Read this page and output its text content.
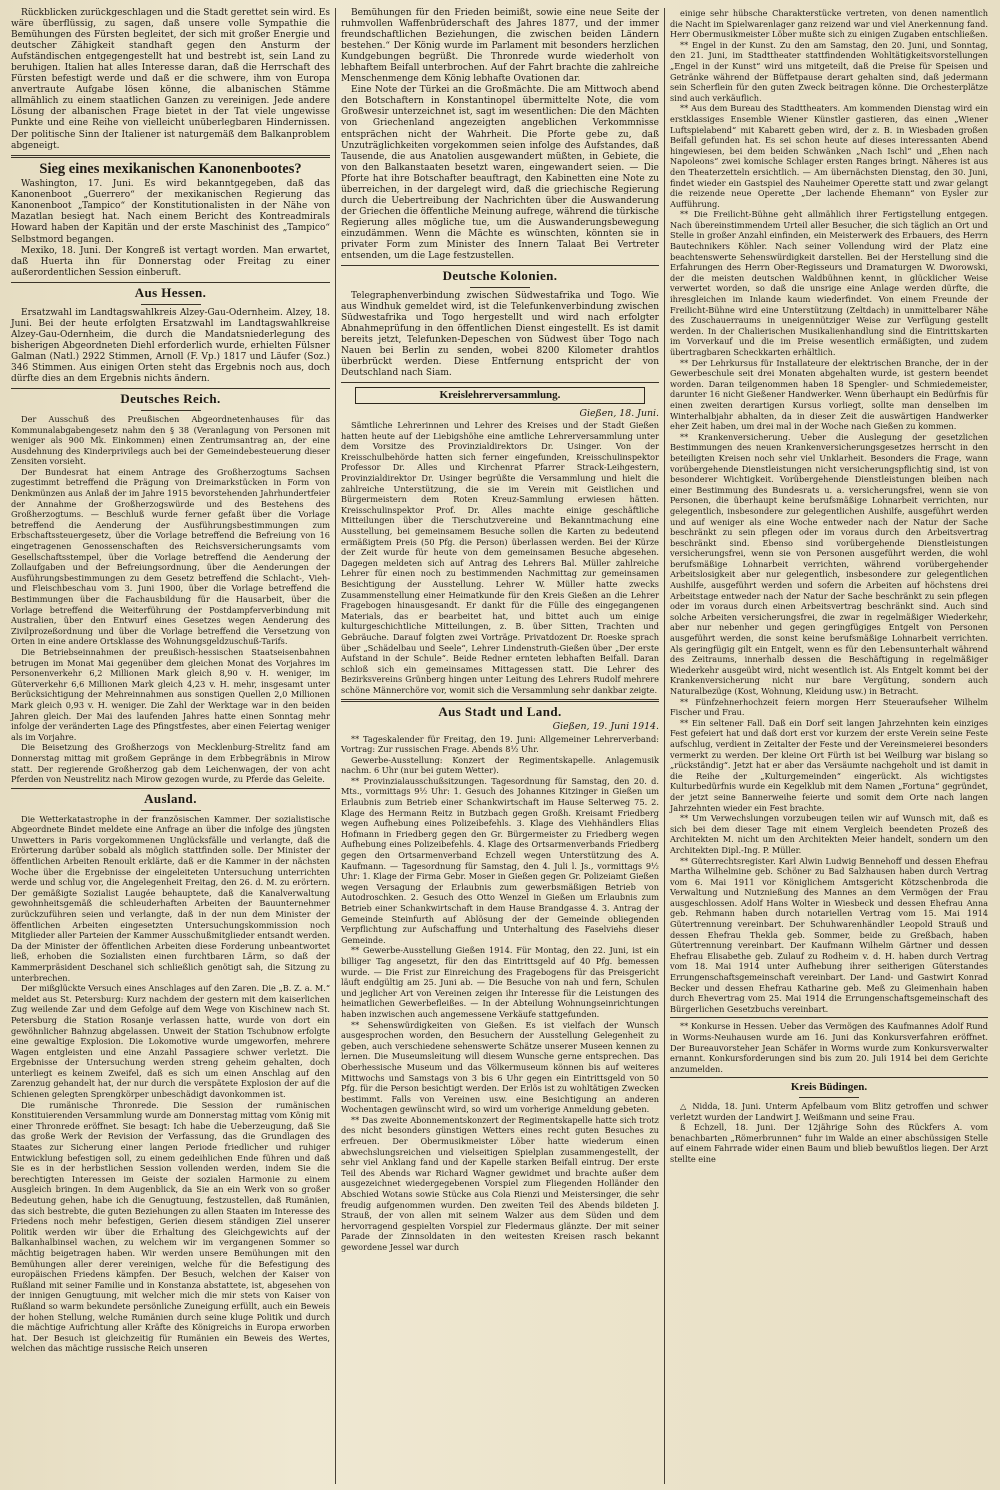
Rückblicken zurückgeschlagen und die Stadt gerettet sein wird. Es wäre überflüssig, zu sagen, daß unsere volle Sympathie die Bemühungen des Fürsten begleitet, der sich mit großer Energie und deutscher Zähigkeit standhaft gegen den Ansturm der Aufständischen entgegengestellt hat und bestrebt ist, sein Land zu beruhigen. Italien hat alles Interesse daran, daß die Herrschaft des Fürsten befestigt werde und daß er die schwere, ihm von Europa anvertraute Aufgabe lösen könne, die albanischen Stämme allmählich zu einem staatlichen Ganzen zu vereinigen. Jede andere Lösung der albanischen Frage bietet in der Tat viele ungewisse Punkte und eine Reihe von vielleicht unüberlegbaren Hindernissen. Der politische Sinn der Italiener ist naturgemäß dem Balkanproblem abgeneigt.

Sieg eines mexikanischen Kanonenbootes?

Washington, 17. Juni. Es wird bekanntgegeben, daß das Kanonenboot „Guerrero“ der mexikanischen Regierung das Kanonenboot „Tampico“ der Konstitutionalisten in der Nähe von Mazatlan besiegt hat. Nach einem Bericht des Kontreadmirals Howard haben der Kapitän und der erste Maschinist des „Tampico“ Selbstmord begangen.

Mexiko, 18. Juni. Der Kongreß ist vertagt worden. Man erwartet, daß Huerta ihn für Donnerstag oder Freitag zu einer außerordentlichen Session einberuft.

Aus Hessen.

Ersatzwahl im Landtagswahlkreis Alzey-Gau-Odernheim. Alzey, 18. Juni. Bei der heute erfolgten Ersatzwahl im Landtagswahlkreise Alzey-Gau-Odernheim, die durch die Mandatsniederlegung des bisherigen Abgeordneten Diehl erforderlich wurde, erhielten Fülsner Galman (Natl.) 2922 Stimmen, Arnoll (F. Vp.) 1817 und Läufer (Soz.) 346 Stimmen. Aus einigen Orten steht das Ergebnis noch aus, doch dürfte dies an dem Ergebnis nichts ändern.

Deutsches Reich.

Der Ausschuß des Preußischen Abgeordnetenhauses für das Kommunalabgabengesetz nahm den § 38 (Veranlagung von Personen mit weniger als 900 Mk. Einkommen) einen Zentrumsantrag an, der eine Ausdehnung des Kinderprivilegs auch bei der Gemeindebesteuerung dieser Zensiten vorsieht.

Der Bundesrat hat einem Antrage des Großherzogtums Sachsen zugestimmt betreffend die Prägung von Dreimarkstücken in Form von Denkmünzen aus Anlaß der im Jahre 1915 bevorstehenden Jahrhundertfeier der Annahme der Großherzogswürde und des Bestehens des Großherzogtums. — Beschluß wurde ferner gefaßt über die Vorlage betreffend die Aenderung der Ausführungsbestimmungen zum Erbschaftssteuergesetz, über die Vorlage betreffend die Befreiung von 16 eingetragenen Genossenschaften des Reichsversicherungsamts vom Gesellschaftsstempel, über die Vorlage betreffend die Aenderung der Zollaufgaben und der Befreiungsordnung, über die Aenderungen der Ausführungsbestimmungen zu dem Gesetz betreffend die Schlacht-, Vieh- und Fleischbeschau vom 3. Juni 1900, über die Vorlage betreffend die Bestimmungen über die Fachausbildung für die Hausarbeit, über die Vorlage betreffend die Weiterführung der Postdampferverbindung mit Australien, über den Entwurf eines Gesetzes wegen Aenderung des Zivilprozeßordnung und über die Vorlage betreffend die Versetzung von Orten in eine andere Ortsklasse des Wohnungsgeldzuschuß-Tarifs.

Die Betriebseinnahmen der preußisch-hessischen Staatseisenbahnen betrugen im Monat Mai gegenüber dem gleichen Monat des Vorjahres im Personenverkehr 6,2 Millionen Mark gleich 8,90 v. H. weniger, im Güterverkehr 6,6 Millionen Mark gleich 4,23 v. H. mehr, insgesamt unter Berücksichtigung der Mehreinnahmen aus sonstigen Quellen 2,0 Millionen Mark gleich 0,93 v. H. weniger. Die Zahl der Werktage war in den beiden Jahren gleich. Der Mai des laufenden Jahres hatte einen Sonntag mehr infolge der veränderten Lage des Pfingstfestes, aber einen Feiertag weniger als im Vorjahre.

Die Beisetzung des Großherzogs von Mecklenburg-Strelitz fand am Donnerstag mittag mit großem Gepränge in dem Erbbegräbnis in Mirow statt. Der regierende Großherzog gab dem Leichenwagen, der von acht Pferden von Neustrelitz nach Mirow gezogen wurde, zu Pferde das Geleite.

Ausland.

Die Wetterkatastrophe in der französischen Kammer. Der sozialistische Abgeordnete Bindet meldete eine Anfrage an über die infolge des jüngsten Unwetters in Paris vorgekommenen Unglücksfälle und verlangte, daß die Erörterung darüber sobald als möglich stattfinden solle. Der Minister der öffentlichen Arbeiten Renoult erklärte, daß er die Kammer in der nächsten Woche über die Ergebnisse der eingeleiteten Untersuchung unterrichten werde und schlug vor, die Angelegenheit Freitag, den 26. d. M. zu erörtern. Der gemäßigte Sozialist Laugée behauptete, daß die Kanalverwaltung gewohnheitsgemäß die schleuderhaften Arbeiten der Bauunternehmer zurückzuführen seien und verlangte, daß in der nun dem Minister der öffentlichen Arbeiten eingesetzten Untersuchungskommission noch Mitglieder aller Parteien der Kammer Ausschußmitglieder entsandt werden. Da der Minister der öffentlichen Arbeiten diese Forderung unbeantwortet ließ, erhoben die Sozialisten einen furchtbaren Lärm, so daß der Kammerpräsident Deschanel sich schließlich genötigt sah, die Sitzung zu unterbrechen.

Der mißglückte Versuch eines Anschlages auf den Zaren. Die „B. Z. a. M.“ meldet aus St. Petersburg: Kurz nachdem der gestern mit dem kaiserlichen Zug weilende Zar und dem Gefolge auf dem Wege von Kischinew nach St. Petersburg die Station Rosanje verlassen hatte, wurde von dort ein gewöhnlicher Bahnzug abgelassen. Unweit der Station Tschubnow erfolgte eine gewaltige Explosion. Die Lokomotive wurde umgeworfen, mehrere Wagen entgleisten und eine Anzahl Passagiere schwer verletzt. Die Ergebnisse der Untersuchung werden streng geheim gehalten, doch unterliegt es keinem Zweifel, daß es sich um einen Anschlag auf den Zarenzug gehandelt hat, der nur durch die verspätete Explosion der auf die Schienen gelegten Sprengkörper unbeschädigt davonkommen ist.

Die rumänische Thronrede. Die Session der rumänischen Konstituierenden Versammlung wurde am Donnerstag mittag vom König mit einer Thronrede eröffnet. Sie besagt: Ich habe die Ueberzeugung, daß Sie das große Werk der Revision der Verfassung, das die Grundlagen des Staates zur Sicherung einer langen Periode friedlicher und ruhiger Entwicklung befestigen soll, zu einem gedeihlichen Ende führen und daß Sie es in der herbstlichen Session vollenden werden, indem Sie die berechtigten Interessen im Geiste der sozialen Harmonie zu einem Ausgleich bringen. In dem Augenblick, da Sie an ein Werk von so großer Bedeutung gehen, habe ich die Genugtuung, festzustellen, daß Rumänien, das sich bestrebte, die guten Beziehungen zu allen Staaten im Interesse des Friedens noch mehr befestigen, Gerien diesem ständigen Ziel unserer Politik werden wir über die Erhaltung des Gleichgewichts auf der Balkanhalbinsel wachen, zu welchem wir im vergangenen Sommer so mächtig beigetragen haben. Wir werden unsere Bemühungen mit den Bemühungen aller derer vereinigen, welche für die Befestigung des europäischen Friedens kämpfen. Der Besuch, welchen der Kaiser von Rußland mit seiner Familie und in Konstanza abstattete, ist, abgesehen von der innigen Genugtuung, mit welcher mich die mir stets von Kaiser von Rußland so warm bekundete persönliche Zuneigung erfüllt, auch ein Beweis der hohen Stellung, welche Rumänien durch seine kluge Politik und durch die mächtige Aufrichtung aller Kräfte des Königreichs in Europa erworben hat. Der Besuch ist gleichzeitig für Rumänien ein Beweis des Wertes, welchen das mächtige russische Reich unseren

Bemühungen für den Frieden beimißt, sowie eine neue Seite der ruhmvollen Waffenbrüderschaft des Jahres 1877, und der immer freundschaftlichen Beziehungen, die zwischen beiden Ländern bestehen.“ Der König wurde im Parlament mit besonders herzlichen Kundgebungen begrüßt. Die Thronrede wurde wiederholt von lebhaftem Beifall unterbrochen. Auf der Fahrt brachte die zahlreiche Menschenmenge dem König lebhafte Ovationen dar.

Eine Note der Türkei an die Großmächte. Die am Mittwoch abend den Botschaftern in Konstantinopel übermittelte Note, die vom Großwesir unterzeichnet ist, sagt im wesentlichen: Die den Mächten von Griechenland angezeigten angeblichen Verkommnisse entsprächen nicht der Wahrheit. Die Pforte gebe zu, daß Unzuträglichkeiten vorgekommen seien infolge des Aufstandes, daß Tausende, die aus Anatolien ausgewandert müßten, in Gebiete, die von den Balkanstaaten besetzt waren, eingewandert seien. — Die Pforte hat ihre Botschafter beauftragt, den Kabinetten eine Note zu überreichen, in der dargelegt wird, daß die griechische Regierung durch die Uebertreibung der Nachrichten über die Auswanderung der Griechen die öffentliche Meinung aufrege, während die türkische Regierung alles mögliche tue, um die Auswanderungsbewegung einzudämmen. Wenn die Mächte es wünschten, könnten sie in privater Form zum Minister des Innern Talaat Bei Vertreter entsenden, um die Lage festzustellen.

Deutsche Kolonien.

Telegraphenverbindung zwischen Südwestafrika und Togo. Wie aus Windhuk gemeldet wird, ist die Telefunkenverbindung zwischen Südwestafrika und Togo hergestellt und wird nach erfolgter Abnahmeprüfung in den öffentlichen Dienst eingestellt. Es ist damit bereits jetzt, Telefunken-Depeschen von Südwest über Togo nach Nauen bei Berlin zu senden, wobei 8200 Kilometer drahtlos überbrückt werden. Diese Entfernung entspricht der von Deutschland nach Siam.

Kreislehrerversammlung.
Gießen, 18. Juni.

Sämtliche Lehrerinnen und Lehrer des Kreises und der Stadt Gießen hatten heute auf der Liebigshöhe eine amtliche Lehrerversammlung unter dem Vorsitze des Provinzialdirektors Dr. Usinger. Von der Kreisschulbehörde hatten sich ferner eingefunden, Kreisschulinspektor Professor Dr. Alles und Kirchenrat Pfarrer Strack-Leihgestern, Provinzialdirektor Dr. Usinger begrüßte die Versammlung und hielt die zahlreiche Unterstützung, die sie im Verein mit Geistlichen und Bürgermeistern dem Roten Kreuz-Sammlung erwiesen hätten. Kreisschulinspektor Prof. Dr. Alles machte einige geschäftliche Mitteilungen über die Tierschutzvereine und Bekanntmachung eine Ausstellung, bei gemeinsamem Besuche sollen die Karten zu bedeutend ermäßigtem Preis (50 Pfg. die Person) überlassen werden. Bei der Kürze der Zeit wurde für heute von dem gemeinsamen Besuche abgesehen. Dagegen meldeten sich auf Antrag des Lehrers Bal. Müller zahlreiche Lehrer für einen noch zu bestimmenden Nachmittag zur gemeinsamen Besichtigung der Ausstellung. Lehrer W. Müller hatte zwecks Zusammenstellung einer Heimatkunde für den Kreis Gießen an die Lehrer Fragebogen hinausgesandt. Er dankt für die Fülle des eingegangenen Materials, das er bearbeitet hat, und bittet auch um einige kulturgeschichtliche Mitteilungen, z. B. über Sitten, Trachten und Gebräuche. Darauf folgten zwei Vorträge. Privatdozent Dr. Roeske sprach über „Schädelbau und Seele“, Lehrer Lindenstruth-Gießen über „Der erste Aufstand in der Schule“. Beide Redner ernteten lebhaften Beifall. Daran schloß sich ein gemeinsames Mittagessen statt. Die Lehrer des Bezirksvereins Grünberg hingen unter Leitung des Lehrers Rudolf mehrere schöne Männerchöre vor, womit sich die Versammlung sehr dankbar zeigte.

Aus Stadt und Land.
Gießen, 19. Juni 1914.

** Tageskalender für Freitag, den 19. Juni: Allgemeiner Lehrerverband: Vortrag: Zur russischen Frage. Abends 8½ Uhr.

Gewerbe-Ausstellung: Konzert der Regimentskapelle. Anlagemusik nachm. 6 Uhr (nur bei gutem Wetter).

** Provinzialausschußsitzungen. Tagesordnung für Samstag, den 20. d. Mts., vormittags 9½ Uhr: 1. Gesuch des Johannes Kitzinger in Gießen um Erlaubnis zum Betrieb einer Schankwirtschaft im Hause Selterweg 75. 2. Klage des Hermann Reitz in Butzbach gegen Großh. Kreisamt Friedberg wegen Aufhebung eines Polizeibefehls. 3. Klage des Viehhändlers Elias Hofmann in Friedberg gegen den Gr. Bürgermeister zu Friedberg wegen Aufhebung eines Polizeibefehls. 4. Klage des Ortsarmenverbands Friedberg gegen den Ortsarmenverband Echzell wegen Unterstützung des A. Kaufmann. — Tagesordnung für Samstag, den 4. Juli l. Js., vormittags 9½ Uhr: 1. Klage der Firma Gebr. Moser in Gießen gegen Gr. Polizeiamt Gießen wegen Versagung der Erlaubnis zum gewerbsmäßigen Betrieb von Autodroschken. 2. Gesuch des Otto Wenzel in Gießen um Erlaubnis zum Betrieb einer Schankwirtschaft in dem Hause Brandgasse 4. 3. Antrag der Gemeinde Steinfurth auf Ablösung der der Gemeinde obliegenden Verpflichtung zur Aufschaffung und Unterhaltung des Faselviehs dieser Gemeinde.

** Gewerbe-Ausstellung Gießen 1914. Für Montag, den 22. Juni, ist ein billiger Tag angesetzt, für den das Eintrittsgeld auf 40 Pfg. bemessen wurde. — Die Frist zur Einreichung des Fragebogens für das Preisgericht läuft endgültig am 25. Juni ab. — Die Besuche von nah und fern, Schulen und jeglicher Art von Vereinen zeigen ihr Interesse für die Leistungen des heimatlichen Gewerbefleißes. — In der Abteilung Wohnungseinrichtungen haben inzwischen auch angemessene Verkäufe stattgefunden.

** Sehenswürdigkeiten von Gießen. Es ist vielfach der Wunsch ausgesprochen worden, den Besuchern der Ausstellung Gelegenheit zu geben, auch verschiedene sehenswerte Schätze unserer Museen kennen zu lernen. Die Museumsleitung will diesem Wunsche gerne entsprechen. Das Oberhessische Museum und das Völkermuseum können bis auf weiteres Mittwochs und Samstags von 3 bis 6 Uhr gegen ein Eintrittsgeld von 50 Pfg. für die Person besichtigt werden. Der Erlös ist zu wohltätigen Zwecken bestimmt. Falls von Vereinen usw. eine Besichtigung an anderen Wochentagen gewünscht wird, so wird um vorherige Anmeldung gebeten.

** Das zweite Abonnementskonzert der Regimentskapelle hatte sich trotz des nicht besonders günstigen Wetters eines recht guten Besuches zu erfreuen. Der Obermusikmeister Löber hatte wiederum einen abwechslungsreichen und vielseitigen Spielplan zusammengestellt, der sehr viel Anklang fand und der Kapelle starken Beifall eintrug. Der erste Teil des Abends war Richard Wagner gewidmet und brachte außer dem ausgezeichnet wiedergegebenen Vorspiel zum Fliegenden Holländer den Abschied Wotans sowie Stücke aus Cola Rienzi und Meistersinger, die sehr freudig aufgenommen wurden. Den zweiten Teil des Abends bildeten J. Strauß, der von allen mit seinem Walzer aus dem Süden und dem hervorragend gespielten Vorspiel zur Fledermaus glänzte. Der mit seiner Parade der Zinnsoldaten in den weitesten Kreisen rasch bekannt gewordene Jessel war durch

einige sehr hübsche Charakterstücke vertreten, von denen namentlich die Nacht im Spielwarenlager ganz reizend war und viel Anerkennung fand. Herr Obermusikmeister Löber mußte sich zu einigen Zugaben entschließen.

** Engel in der Kunst. Zu den am Samstag, den 20. Juni, und Sonntag, den 21. Juni, im Stadttheater stattfindenden Wohltätigkeitsvorstellungen „Engel in der Kunst“ wird uns mitgeteilt, daß die Preise für Speisen und Getränke während der Büffetpause derart gehalten sind, daß jedermann sein Scherflein für den guten Zweck beitragen könne. Die Orchesterplätze sind auch verkäuflich.

** Aus dem Bureau des Stadttheaters. Am kommenden Dienstag wird ein erstklassiges Ensemble Wiener Künstler gastieren, das einen „Wiener Luftspielabend“ mit Kabarett geben wird, der z. B. in Wiesbaden großen Beifall gefunden hat. Es sei schon heute auf dieses interessanten Abend hingewiesen, bei dem beiden Schwänken „Nach Ischl“ und „Ehen nach Napoleons“ zwei komische Schlager ersten Ranges bringt. Näheres ist aus den Theaterzetteln ersichtlich. — Am übernächsten Dienstag, den 30. Juni, findet wieder ein Gastspiel des Nauheimer Operette statt und zwar gelangt die reizende neue Operette „Der lachende Ehemann“ von Eysler zur Aufführung.

** Die Freilicht-Bühne geht allmählich ihrer Fertigstellung entgegen. Nach übereinstimmendem Urteil aller Besucher, die sich täglich an Ort und Stelle in großer Anzahl einfinden, ein Meisterwerk des Erbauers, des Herrn Bautechnikers Köhler. Nach seiner Vollendung wird der Platz eine beachtenswerte Sehenswürdigkeit darstellen. Bei der Herstellung sind die Erfahrungen des Herrn Ober-Regisseurs und Dramaturgen W. Dworowski, der die meisten deutschen Waldbühnen kennt, in glücklicher Weise verwertet worden, so daß die unsrige eine Anlage werden dürfte, die ihresgleichen im Inlande kaum wiederfindet. Von einem Freunde der Freilicht-Bühne wird eine Unterstützung (Zeltdach) in unmittelbarer Nähe des Zuschauerraums in uneigennütziger Weise zur Verfügung gestellt werden. In der Chalierischen Musikalienhandlung sind die Eintrittskarten im Vorverkauf und die im Preise wesentlich ermäßigten, und zudem übertragbaren Scheckkarten erhältlich.

** Der Lehrkursus für Installateure der elektrischen Branche, der in der Gewerbeschule seit drei Monaten abgehalten wurde, ist gestern beendet worden. Daran teilgenommen haben 18 Spengler- und Schmiedemeister, darunter 16 nicht Gießener Handwerker. Wenn überhaupt ein Bedürfnis für einen zweiten derartigen Kursus vorliegt, sollte man denselben im Winterhalbjahr abhalten, da in dieser Zeit die auswärtigen Handwerker eher Zeit haben, um drei mal in der Woche nach Gießen zu kommen.

** Krankenversicherung. Ueber die Auslegung der gesetzlichen Bestimmungen des neuen Krankenversicherungsgesetzes herrscht in den beteiligten Kreisen noch sehr viel Unklarheit. Besonders die Frage, wann vorübergehende Dienstleistungen nicht versicherungspflichtig sind, ist von besonderer Wichtigkeit. Vorübergehende Dienstleistungen bleiben nach einer Bestimmung des Bundesrats u. a. versicherungsfrei, wenn sie von Personen, die überhaupt keine berufsmäßige Lohnarbeit verrichten, nur gelegentlich, insbesondere zur gelegentlichen Aushilfe, ausgeführt werden und auf weniger als eine Woche entweder nach der Natur der Sache beschränkt zu sein pflegen oder im voraus durch den Arbeitsvertrag beschränkt sind. Ebenso sind vorübergehende Dienstleistungen versicherungsfrei, wenn sie von Personen ausgeführt werden, die wohl berufsmäßige Lohnarbeit verrichten, während vorübergehender Arbeitslosigkeit aber nur gelegentlich, insbesondere zur gelegentlichen Aushilfe, ausgeführt werden und sofern die Arbeiten auf höchstens drei Arbeitstage entweder nach der Natur der Sache beschränkt zu sein pflegen oder im voraus durch einen Arbeitsvertrag beschränkt sind. Auch sind solche Arbeiten versicherungsfrei, die zwar in regelmäßiger Wiederkehr, aber nur nebenher und gegen geringfügiges Entgelt von Personen ausgeführt werden, die sonst keine berufsmäßige Lohnarbeit verrichten. Als geringfügig gilt ein Entgelt, wenn es für den Lebensunterhalt während des Zeitraums, innerhalb dessen die Beschäftigung in regelmäßiger Wiederkehr ausgeübt wird, nicht wesentlich ist. Als Entgelt kommt bei der Krankenversicherung nicht nur bare Vergütung, sondern auch Naturalbezüge (Kost, Wohnung, Kleidung usw.) in Betracht.

** Fünfzehnerhochzeit feiern morgen Herr Steueraufseher Wilhelm Fischer und Frau.

** Ein seltener Fall. Daß ein Dorf seit langen Jahrzehnten kein einziges Fest gefeiert hat und daß dort erst vor kurzem der erste Verein seine Feste aufschlug, verdient in Zeitalter der Feste und der Vereinsmeierei besonders vermerkt zu werden. Der kleine Ort Fürth ist bei Weilburg war bislang so „rückständig“. Jetzt hat er aber das Versäumte nachgeholt und ist damit in die Reihe der „Kulturgemeinden“ eingerückt. Als wichtigstes Kulturbedürfnis wurde ein Kegelklub mit dem Namen „Fortuna“ gegründet, der jetzt seine Bannerweihe feierte und somit dem Orte nach langen Jahrzehnten wieder ein Fest brachte.

** Um Verwechslungen vorzubeugen teilen wir auf Wunsch mit, daß es sich bei dem dieser Tage mit einem Vergleich beendeten Prozeß des Architekten M. nicht um den Architekten Meier handelt, sondern um den Architekten Dipl.-Ing. P. Müller.

** Güterrechtsregister. Karl Alwin Ludwig Bennehoff und dessen Ehefrau Martha Wilhelmine geb. Schöner zu Bad Salzhausen haben durch Vertrag vom 6. Mai 1911 vor Königlichem Amtsgericht Kötzschenbroda die Verwaltung und Nutznießung des Mannes an dem Vermögen der Frau ausgeschlossen. Adolf Hans Wolter in Wiesbeck und dessen Ehefrau Anna geb. Rehmann haben durch notariellen Vertrag vom 15. Mai 1914 Gütertrennung vereinbart. Der Schuhwarenhändler Leopold Strauß und dessen Ehefrau Thekla geb. Sommer, beide zu Greßbach, haben Gütertrennung vereinbart. Der Kaufmann Wilhelm Gärtner und dessen Ehefrau Elisabethe geb. Zulauf zu Rodheim v. d. H. haben durch Vertrag vom 18. Mai 1914 unter Aufhebung ihrer seitherigen Güterstandes Errungenschaftsgemeinschaft vereinbart. Der Land- und Gastwirt Konrad Becker und dessen Ehefrau Katharine geb. Meß zu Gleimenhain haben durch Ehevertrag vom 25. Mai 1914 die Errungenschaftsgemeinschaft des Bürgerlichen Gesetzbuchs vereinbart.

** Konkurse in Hessen. Ueber das Vermögen des Kaufmannes Adolf Rund in Worms-Neuhausen wurde am 16. Juni das Konkursverfahren eröffnet. Der Bureauvorsteher Jean Schäfer in Worms wurde zum Konkursverwalter ernannt. Konkursforderungen sind bis zum 20. Juli 1914 bei dem Gerichte anzumelden.

Kreis Büdingen.

△ Nidda, 18. Juni. Unterm Apfelbaum vom Blitz getroffen und schwer verletzt wurden der Landwirt J. Weißmann und seine Frau.

ß Echzell, 18. Juni. Der 12jährige Sohn des Rückfers A. vom benachbarten „Römerbrunnen“ fuhr im Walde an einer abschüssigen Stelle auf einem Fahrrade wider einen Baum und blieb bewußtlos liegen. Der Arzt stellte eine
